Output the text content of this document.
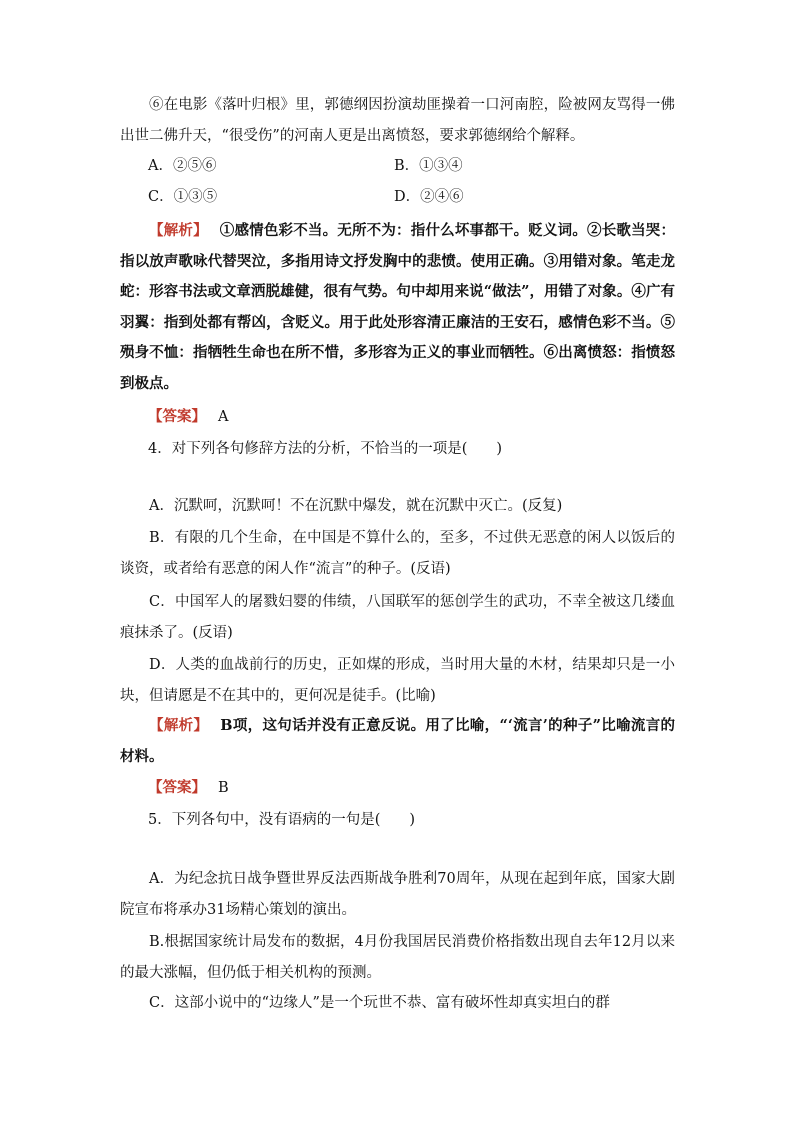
⑥在电影《落叶归根》里，郭德纲因扮演劫匪操着一口河南腔，险被网友骂得一佛出世二佛升天，“很受伤”的河南人更是出离愤怒，要求郭德纲给个解释。

A．②⑤⑥	B．①③④
C．①③⑤	D．②④⑥

【解析】 ①感情色彩不当。无所不为：指什么坏事都干。贬义词。②长歌当哭：指以放声歌咏代替哭泣，多指用诗文抒发胸中的悲愤。使用正确。③用错对象。笔走龙蛇：形容书法或文章洒脱雄健，很有气势。句中却用来说“做法”，用错了对象。④广有羽翼：指到处都有帮凶，含贬义。用于此处形容清正廉洁的王安石，感情色彩不当。⑤殒身不恤：指牺牲生命也在所不惜，多形容为正义的事业而牺牲。⑥出离愤怒：指愤怒到极点。

【答案】 A
4．对下列各句修辞方法的分析，不恰当的一项是(　　)

A．沉默呵，沉默呵！不在沉默中爆发，就在沉默中灭亡。(反复)

B．有限的几个生命，在中国是不算什么的，至多，不过供无恶意的闲人以饭后的谈资，或者给有恶意的闲人作“流言”的种子。(反语)

C．中国军人的屠戮妇婴的伟绩，八国联军的惩创学生的武功，不幸全被这几缕血痕抹杀了。(反语)

D．人类的血战前行的历史，正如煤的形成，当时用大量的木材，结果却只是一小块，但请愿是不在其中的，更何况是徒手。(比喻)

【解析】 B项，这句话并没有正意反说。用了比喻，“‘流言’的种子”比喻流言的材料。

【答案】 B
5．下列各句中，没有语病的一句是(　　)

A．为纪念抗日战争暨世界反法西斯战争胜利70周年，从现在起到年底，国家大剧院宣布将承办31场精心策划的演出。

B.根据国家统计局发布的数据，4月份我国居民消费价格指数出现自去年12月以来的最大涨幅，但仍低于相关机构的预测。

C．这部小说中的“边缘人”是一个玩世不恭、富有破坏性却真实坦白的群
